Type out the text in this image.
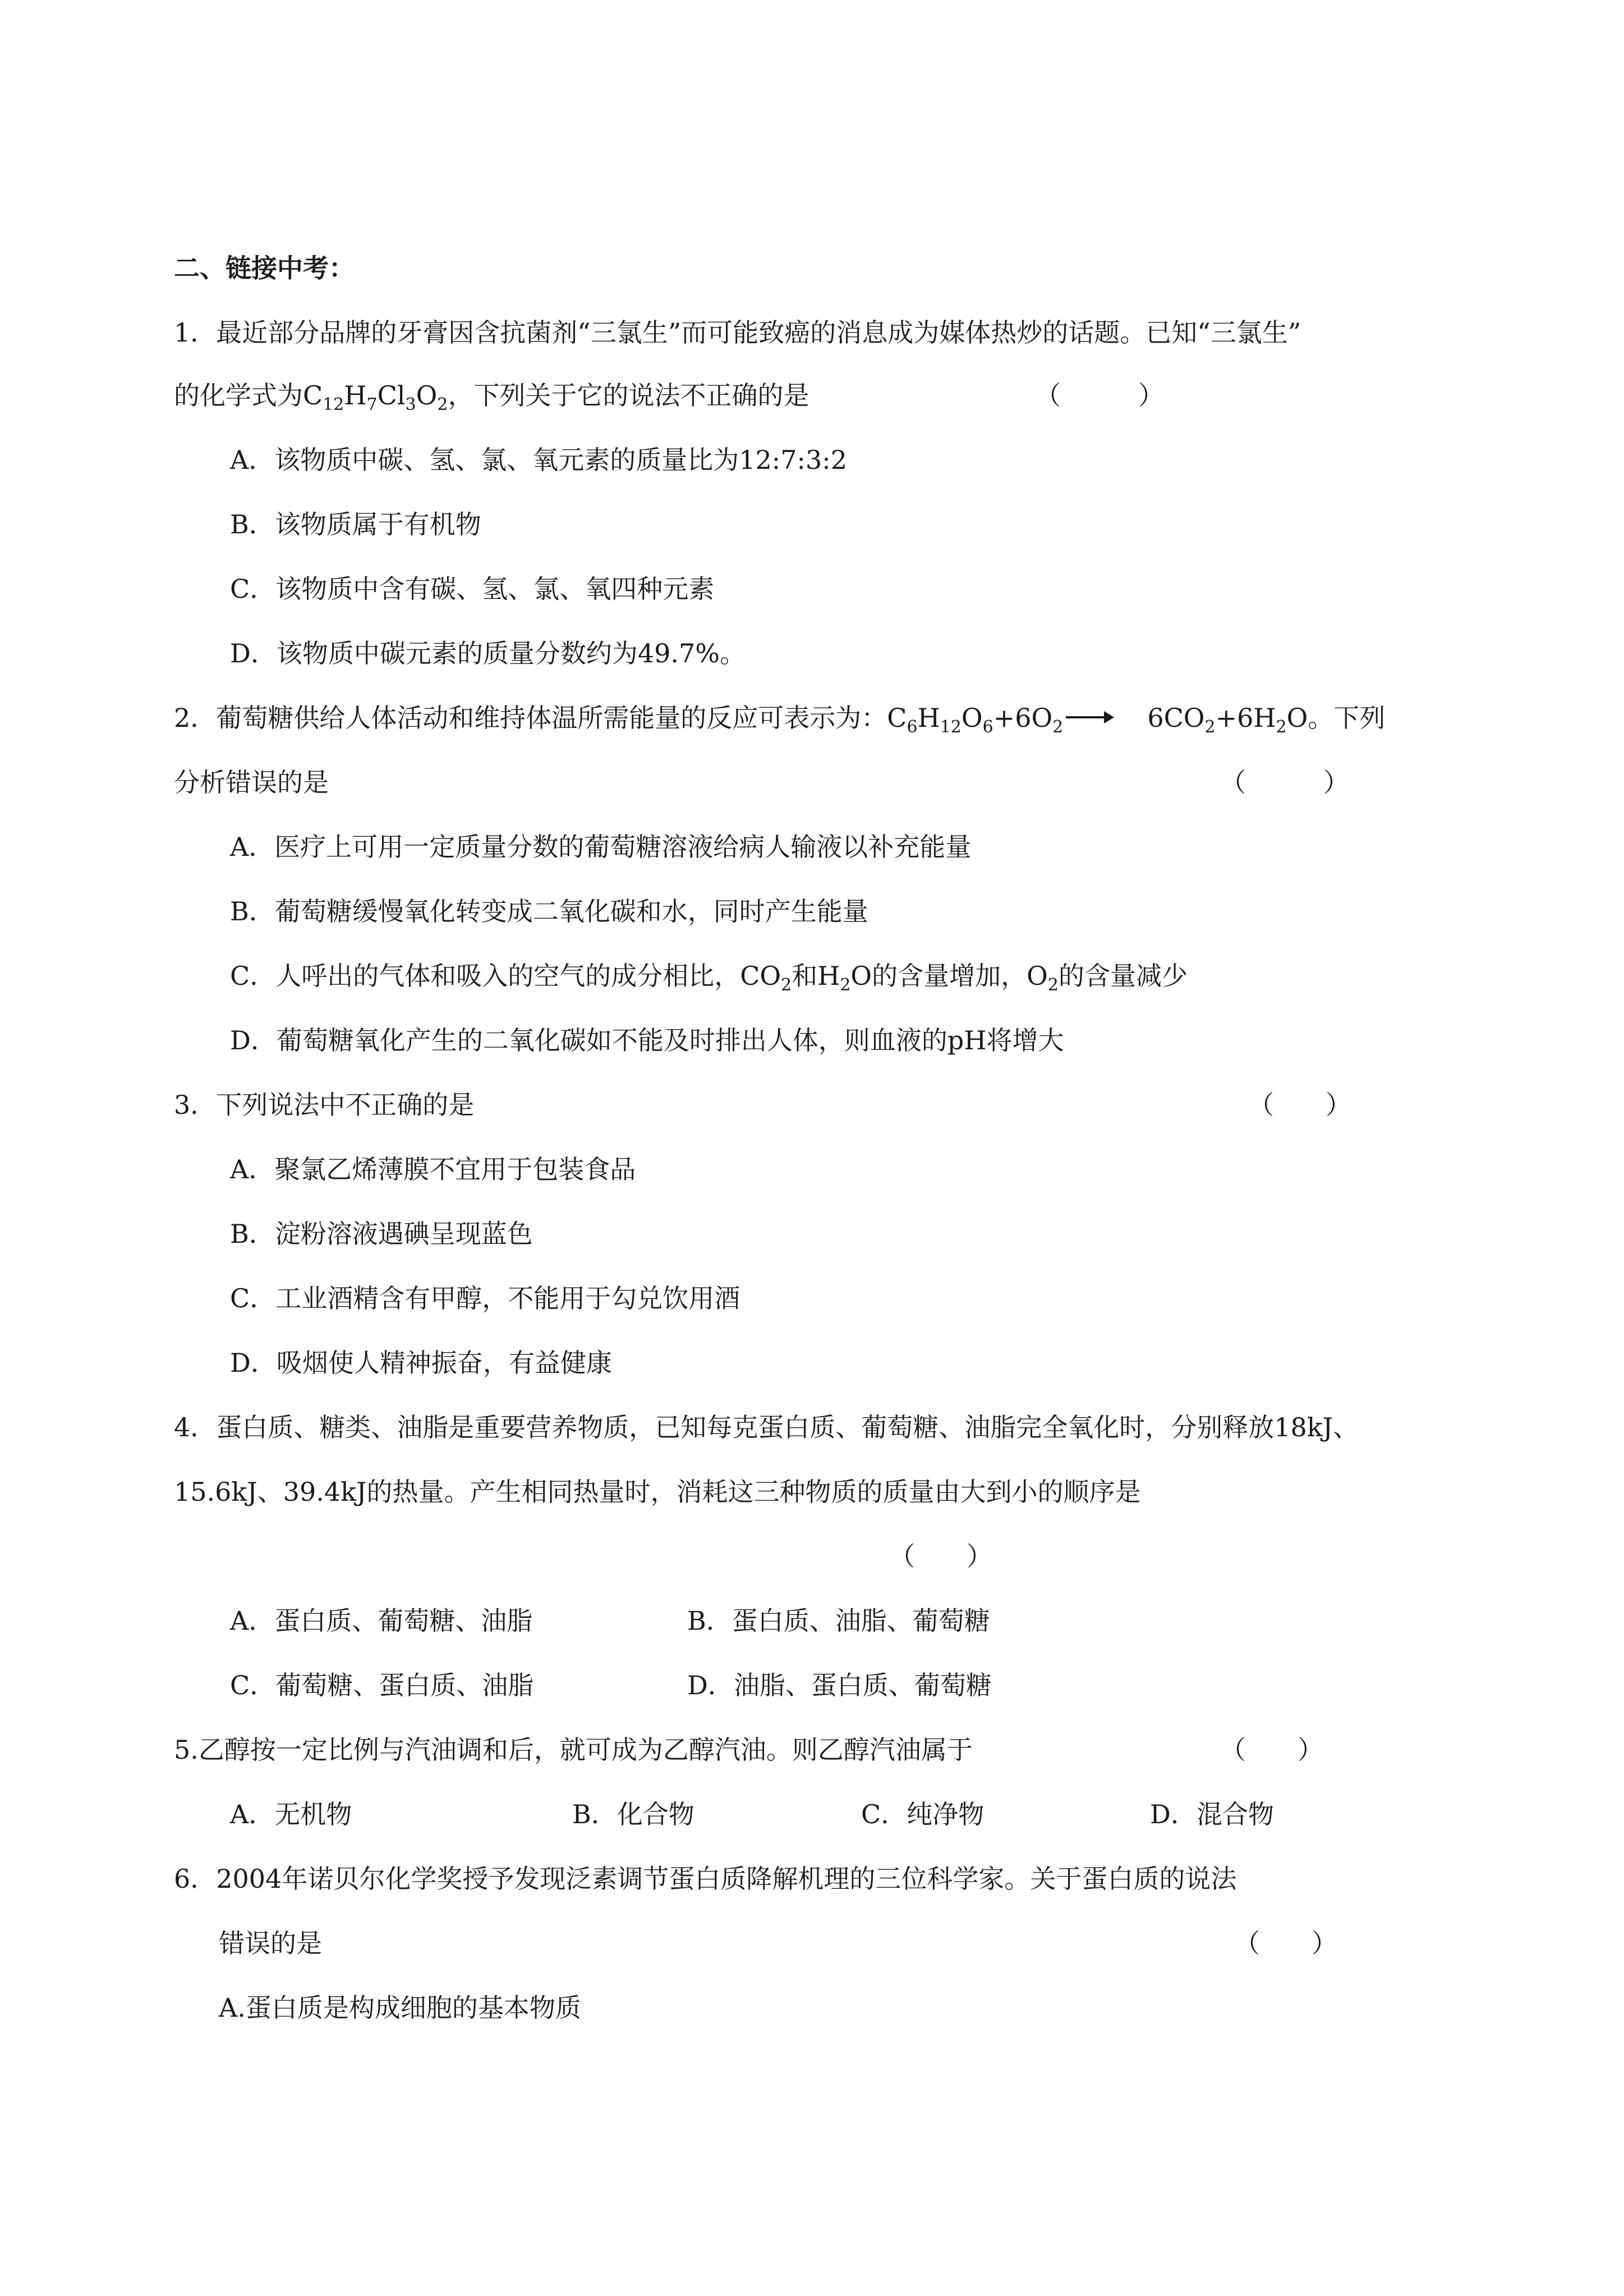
二、链接中考：
1．最近部分品牌的牙膏因含抗菌剂“三氯生”而可能致癌的消息成为媒体热炒的话题。已知“三氯生”
的化学式为$C_{12}H_7Cl_3O_2$，下列关于它的说法不正确的是	（　　　）
A．该物质中碳、氢、氯、氧元素的质量比为12:7:3:2
B．该物质属于有机物
C．该物质中含有碳、氢、氯、氧四种元素
D．该物质中碳元素的质量分数约为49.7%。
2．葡萄糖供给人体活动和维持体温所需能量的反应可表示为：$C_6H_{12}O_6+6O_2$	$6CO_2+6H_2O$。下列
分析错误的是	（　　　）
A．医疗上可用一定质量分数的葡萄糖溶液给病人输液以补充能量
B．葡萄糖缓慢氧化转变成二氧化碳和水，同时产生能量
C．人呼出的气体和吸入的空气的成分相比，$CO_2$和$H_2O$的含量增加，$O_2$的含量减少
D．葡萄糖氧化产生的二氧化碳如不能及时排出人体，则血液的pH将增大
3．下列说法中不正确的是	（　　）
A．聚氯乙烯薄膜不宜用于包装食品
B．淀粉溶液遇碘呈现蓝色
C．工业酒精含有甲醇，不能用于勾兑饮用酒
D．吸烟使人精神振奋，有益健康
4．蛋白质、糖类、油脂是重要营养物质，已知每克蛋白质、葡萄糖、油脂完全氧化时，分别释放18kJ、
15.6kJ、39.4kJ的热量。产生相同热量时，消耗这三种物质的质量由大到小的顺序是
（　　）
A．蛋白质、葡萄糖、油脂	B．蛋白质、油脂、葡萄糖
C．葡萄糖、蛋白质、油脂	D．油脂、蛋白质、葡萄糖
5.乙醇按一定比例与汽油调和后，就可成为乙醇汽油。则乙醇汽油属于	（　　）
A．无机物	B．化合物	C．纯净物	D．混合物
6．2004年诺贝尔化学奖授予发现泛素调节蛋白质降解机理的三位科学家。关于蛋白质的说法
错误的是	（　　）
A.蛋白质是构成细胞的基本物质
